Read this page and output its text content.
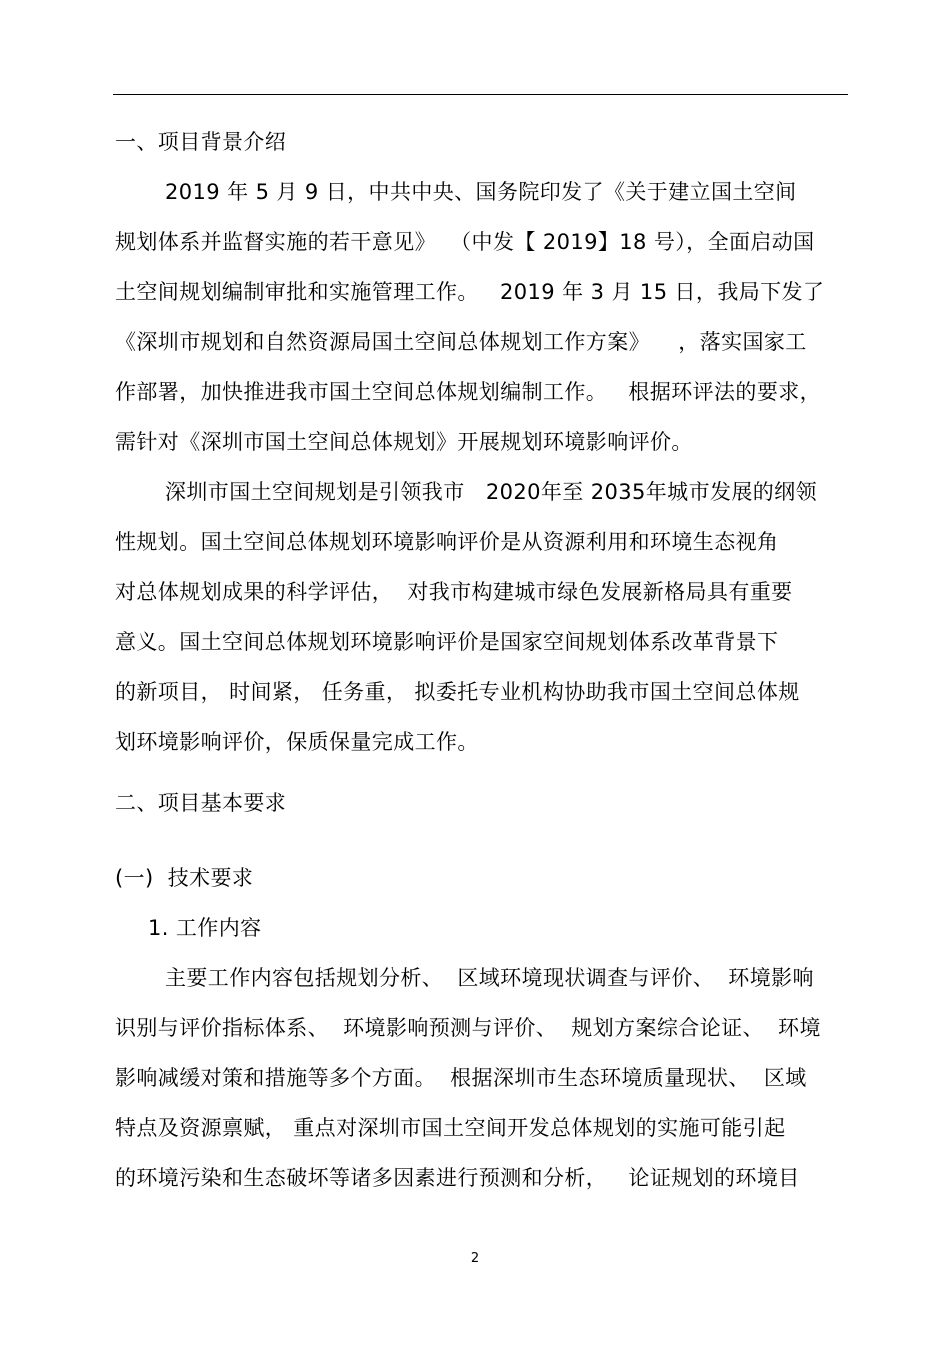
一、项目背景介绍
2019 年 5 月 9 日，中共中央、国务院印发了《关于建立国土空间
规划体系并监督实施的若干意见》  （中发【 2019】18 号），全面启动国
土空间规划编制审批和实施管理工作。   2019 年 3 月 15 日，我局下发了
《深圳市规划和自然资源局国土空间总体规划工作方案》    ，落实国家工
作部署，加快推进我市国土空间总体规划编制工作。   根据环评法的要求，
需针对《深圳市国土空间总体规划》开展规划环境影响评价。
深圳市国土空间规划是引领我市   2020年至 2035年城市发展的纲领
性规划。国土空间总体规划环境影响评价是从资源利用和环境生态视角
对总体规划成果的科学评估，  对我市构建城市绿色发展新格局具有重要
意义。国土空间总体规划环境影响评价是国家空间规划体系改革背景下
的新项目， 时间紧， 任务重， 拟委托专业机构协助我市国土空间总体规
划环境影响评价，保质保量完成工作。
二、项目基本要求
(一)  技术要求
1. 工作内容
主要工作内容包括规划分析、  区域环境现状调查与评价、  环境影响
识别与评价指标体系、  环境影响预测与评价、  规划方案综合论证、  环境
影响减缓对策和措施等多个方面。  根据深圳市生态环境质量现状、  区域
特点及资源禀赋， 重点对深圳市国土空间开发总体规划的实施可能引起
的环境污染和生态破坏等诸多因素进行预测和分析，   论证规划的环境目
2
